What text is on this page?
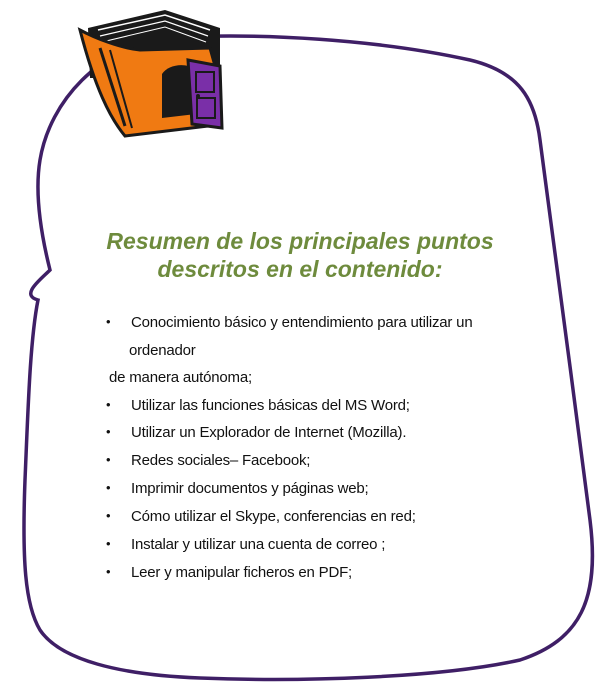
Resumen de los principales puntos
descritos en el contenido:
• Conocimiento básico y entendimiento para utilizar un
ordenador
de manera autónoma;
• Utilizar las funciones básicas del MS Word;
• Utilizar un Explorador de Internet (Mozilla).
• Redes sociales– Facebook;
• Imprimir documentos y páginas web;
• Cómo utilizar el Skype, conferencias en red;
• Instalar y utilizar una cuenta de correo ;
• Leer y manipular ficheros en PDF;
